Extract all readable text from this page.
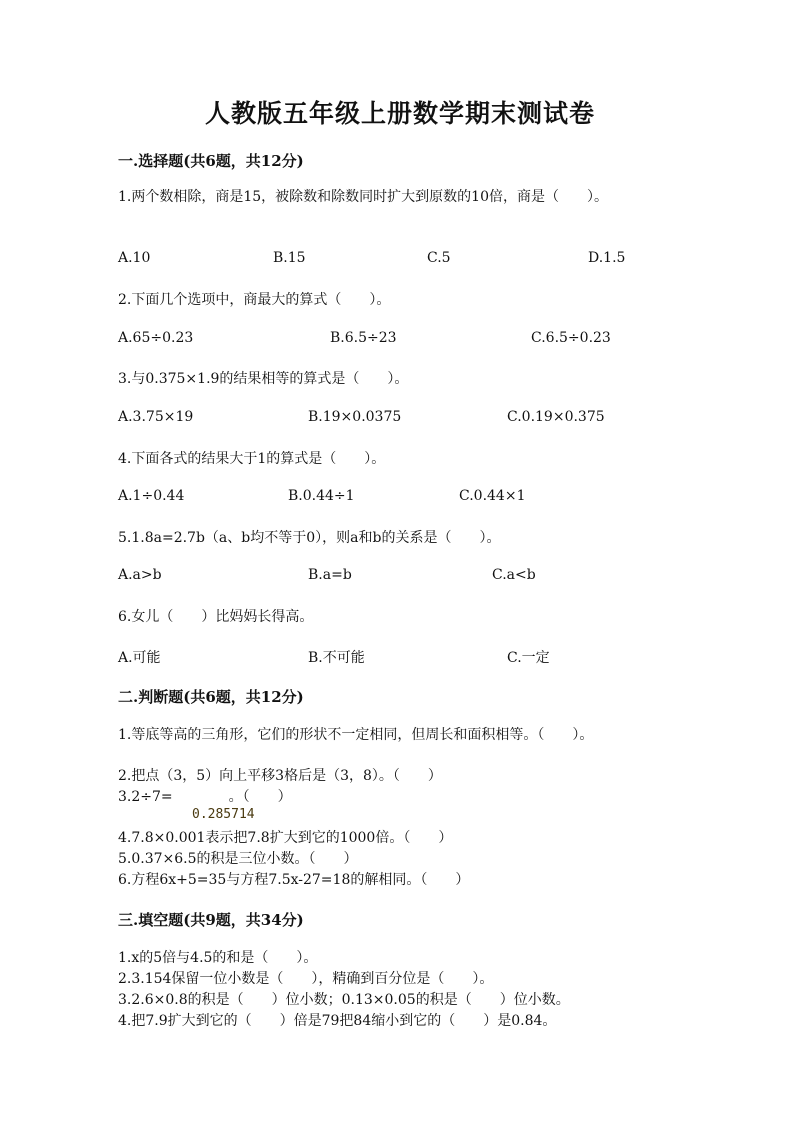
人教版五年级上册数学期末测试卷
一.选择题(共6题，共12分)
1.两个数相除，商是15，被除数和除数同时扩大到原数的10倍，商是（　　）。
A.10	B.15	C.5	D.1.5
2.下面几个选项中，商最大的算式（　　）。
A.65÷0.23	B.6.5÷23	C.6.5÷0.23
3.与0.375×1.9的结果相等的算式是（　　）。
A.3.75×19	B.19×0.0375	C.0.19×0.375
4.下面各式的结果大于1的算式是（　　）。
A.1÷0.44	B.0.44÷1	C.0.44×1
5.1.8a=2.7b（a、b均不等于0），则a和b的关系是（　　）。
A.a>b	B.a=b	C.a<b
6.女儿（　　）比妈妈长得高。
A.可能	B.不可能	C.一定
二.判断题(共6题，共12分)
1.等底等高的三角形，它们的形状不一定相同，但周长和面积相等。（　　）。
2.把点（3，5）向上平移3格后是（3，8）。（　　）
3.2÷7=　　　　。（　　）
0.285714
4.7.8×0.001表示把7.8扩大到它的1000倍。（　　）
5.0.37×6.5的积是三位小数。（　　）
6.方程6x+5=35与方程7.5x-27=18的解相同。（　　）
三.填空题(共9题，共34分)
1.x的5倍与4.5的和是（　　）。
2.3.154保留一位小数是（　　），精确到百分位是（　　）。
3.2.6×0.8的积是（　　）位小数；0.13×0.05的积是（　　）位小数。
4.把7.9扩大到它的（　　）倍是79把84缩小到它的（　　）是0.84。
